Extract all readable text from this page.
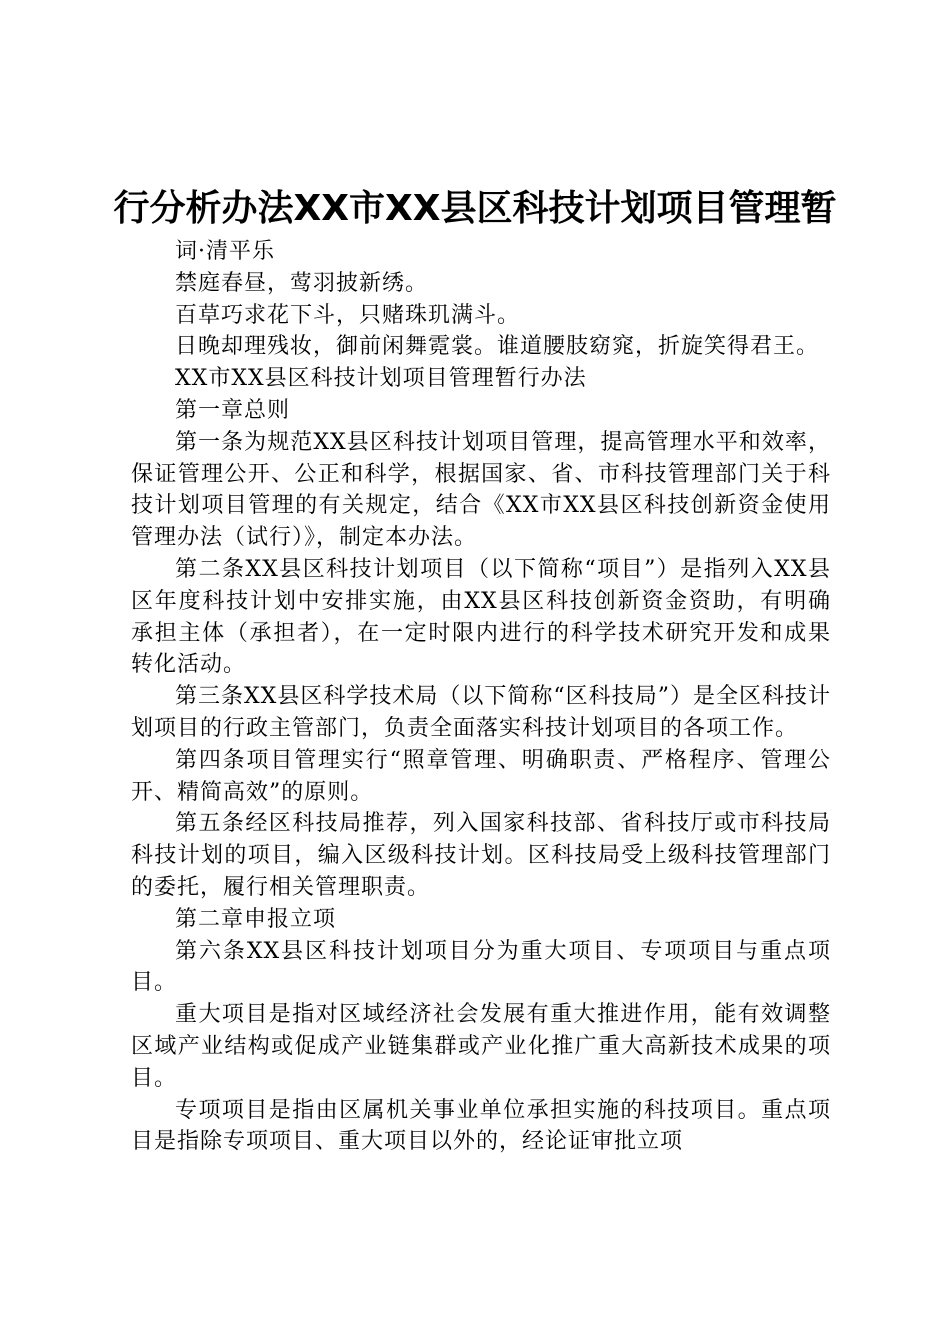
行分析办法XX市XX县区科技计划项目管理暂

词·清平乐

禁庭春昼，莺羽披新绣。

百草巧求花下斗，只赌珠玑满斗。

日晚却理残妆，御前闲舞霓裳。谁道腰肢窈窕，折旋笑得君王。

XX市XX县区科技计划项目管理暂行办法

第一章总则

第一条为规范XX县区科技计划项目管理，提高管理水平和效率，保证管理公开、公正和科学，根据国家、省、市科技管理部门关于科技计划项目管理的有关规定，结合《XX市XX县区科技创新资金使用管理办法（试行）》，制定本办法。

第二条XX县区科技计划项目（以下简称“项目”）是指列入XX县区年度科技计划中安排实施，由XX县区科技创新资金资助，有明确承担主体（承担者），在一定时限内进行的科学技术研究开发和成果转化活动。

第三条XX县区科学技术局（以下简称“区科技局”）是全区科技计划项目的行政主管部门，负责全面落实科技计划项目的各项工作。

第四条项目管理实行“照章管理、明确职责、严格程序、管理公开、精简高效”的原则。

第五条经区科技局推荐，列入国家科技部、省科技厅或市科技局科技计划的项目，编入区级科技计划。区科技局受上级科技管理部门的委托，履行相关管理职责。

第二章申报立项

第六条XX县区科技计划项目分为重大项目、专项项目与重点项目。

重大项目是指对区域经济社会发展有重大推进作用，能有效调整区域产业结构或促成产业链集群或产业化推广重大高新技术成果的项目。

专项项目是指由区属机关事业单位承担实施的科技项目。重点项目是指除专项项目、重大项目以外的，经论证审批立项
